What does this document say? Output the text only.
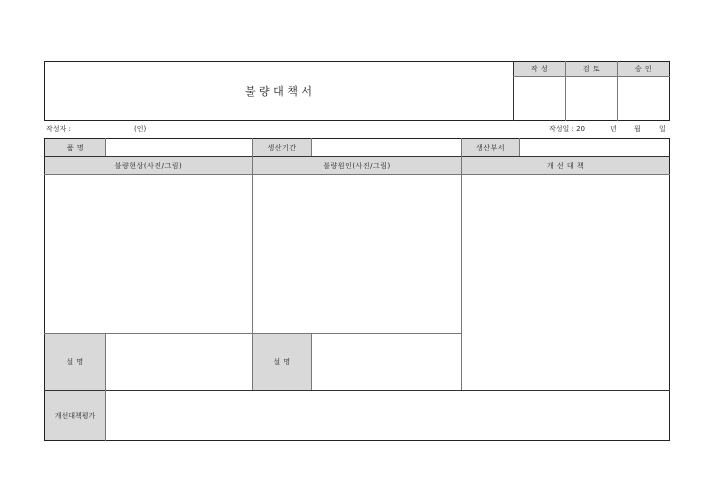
불 량 대 책 서
작 성	검 토	승 인
작성자 :	(인)	작성일 : 20	년 월	일
품 명	생산기간	생산부서
불량현상(사진/그림)	불량원인(사진/그림)	개 선 대 책
설 명	설 명
개선대책평가
